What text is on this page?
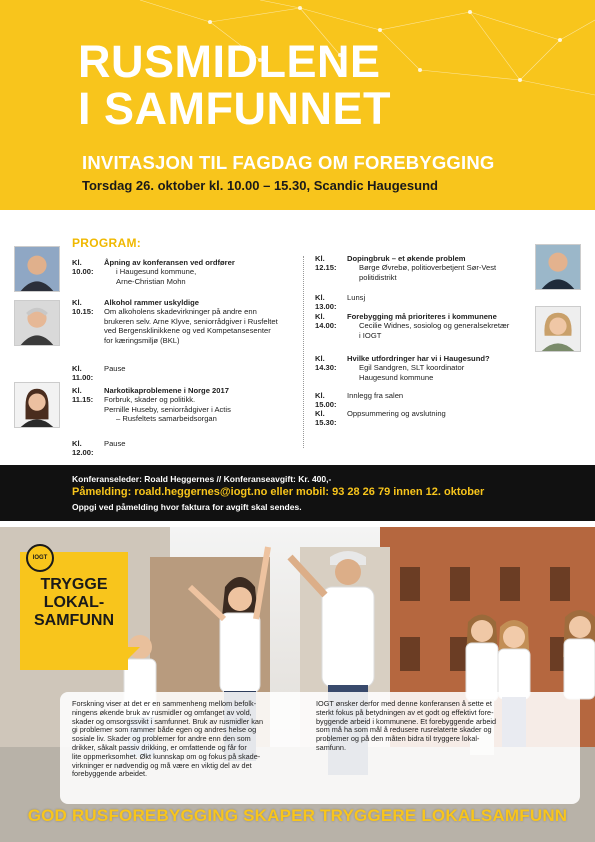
RUSMIDLENE
I SAMFUNNET
INVITASJON TIL FAGDAG OM FOREBYGGING
Torsdag 26. oktober kl. 10.00 – 15.30, Scandic Haugesund
PROGRAM:
Kl. 10.00:
Åpning av konferansen ved ordfører
i Haugesund kommune,
Arne-Christian Mohn
Kl. 10.15:
Alkohol rammer uskyldige
Om alkoholens skadevirkninger på andre enn
brukeren selv. Arne Klyve, seniorrådgiver i Rusfeltet
ved Bergensklinikkene og ved Kompetansesenter
for kæringsmiljø (BKL)
Kl. 11.00:
Pause
Kl. 11.15:
Narkotikaproblemene i Norge 2017
Forbruk, skader og politikk.
Pernille Huseby, seniorrådgiver i Actis
– Rusfeltets samarbeidsorgan
Kl. 12.00:
Pause
Kl. 12.15:
Dopingbruk – et økende problem
Børge Øvrebø, politioverbetjent Sør-Vest
politidistrikt
Kl. 13.00:
Lunsj
Kl. 14.00:
Forebygging må prioriteres i kommunene
Cecilie Widnes, sosiolog og generalsekretær
i IOGT
Kl. 14.30:
Hvilke utfordringer har vi i Haugesund?
Egil Sandgren, SLT koordinator
Haugesund kommune
Kl. 15.00:
Innlegg fra salen
Kl. 15.30:
Oppsummering og avslutning
Konferanseleder: Roald Heggernes // Konferanseavgift: Kr. 400,-
Påmelding: roald.heggernes@iogt.no eller mobil: 93 28 26 79 innen 12. oktober
Oppgi ved påmelding hvor faktura for avgift skal sendes.
IOGT
TRYGGE
LOKAL-
SAMFUNN
Forskning viser at det er en sammenheng mellom befolk-
ningens økende bruk av rusmidler og omfanget av vold,
skader og omsorgssvikt i samfunnet. Bruk av rusmidler kan
gi problemer som rammer både egen og andres helse og
sosiale liv. Skader og problemer for andre enn den som
drikker, såkalt passiv drikking, er omfattende og får for
lite oppmerksomhet. Økt kunnskap om og fokus på skade-
virkninger er nødvendig og må være en viktig del av det
forebyggende arbeidet.
IOGT ønsker derfor med denne konferansen å sette et
sterkt fokus på betydningen av et godt og effektivt fore-
byggende arbeid i kommunene. Et forebyggende arbeid
som må ha som mål å redusere rusrelaterte skader og
problemer og på den måten bidra til tryggere lokal-
samfunn.
GOD RUSFOREBYGGING SKAPER TRYGGERE LOKALSAMFUNN
